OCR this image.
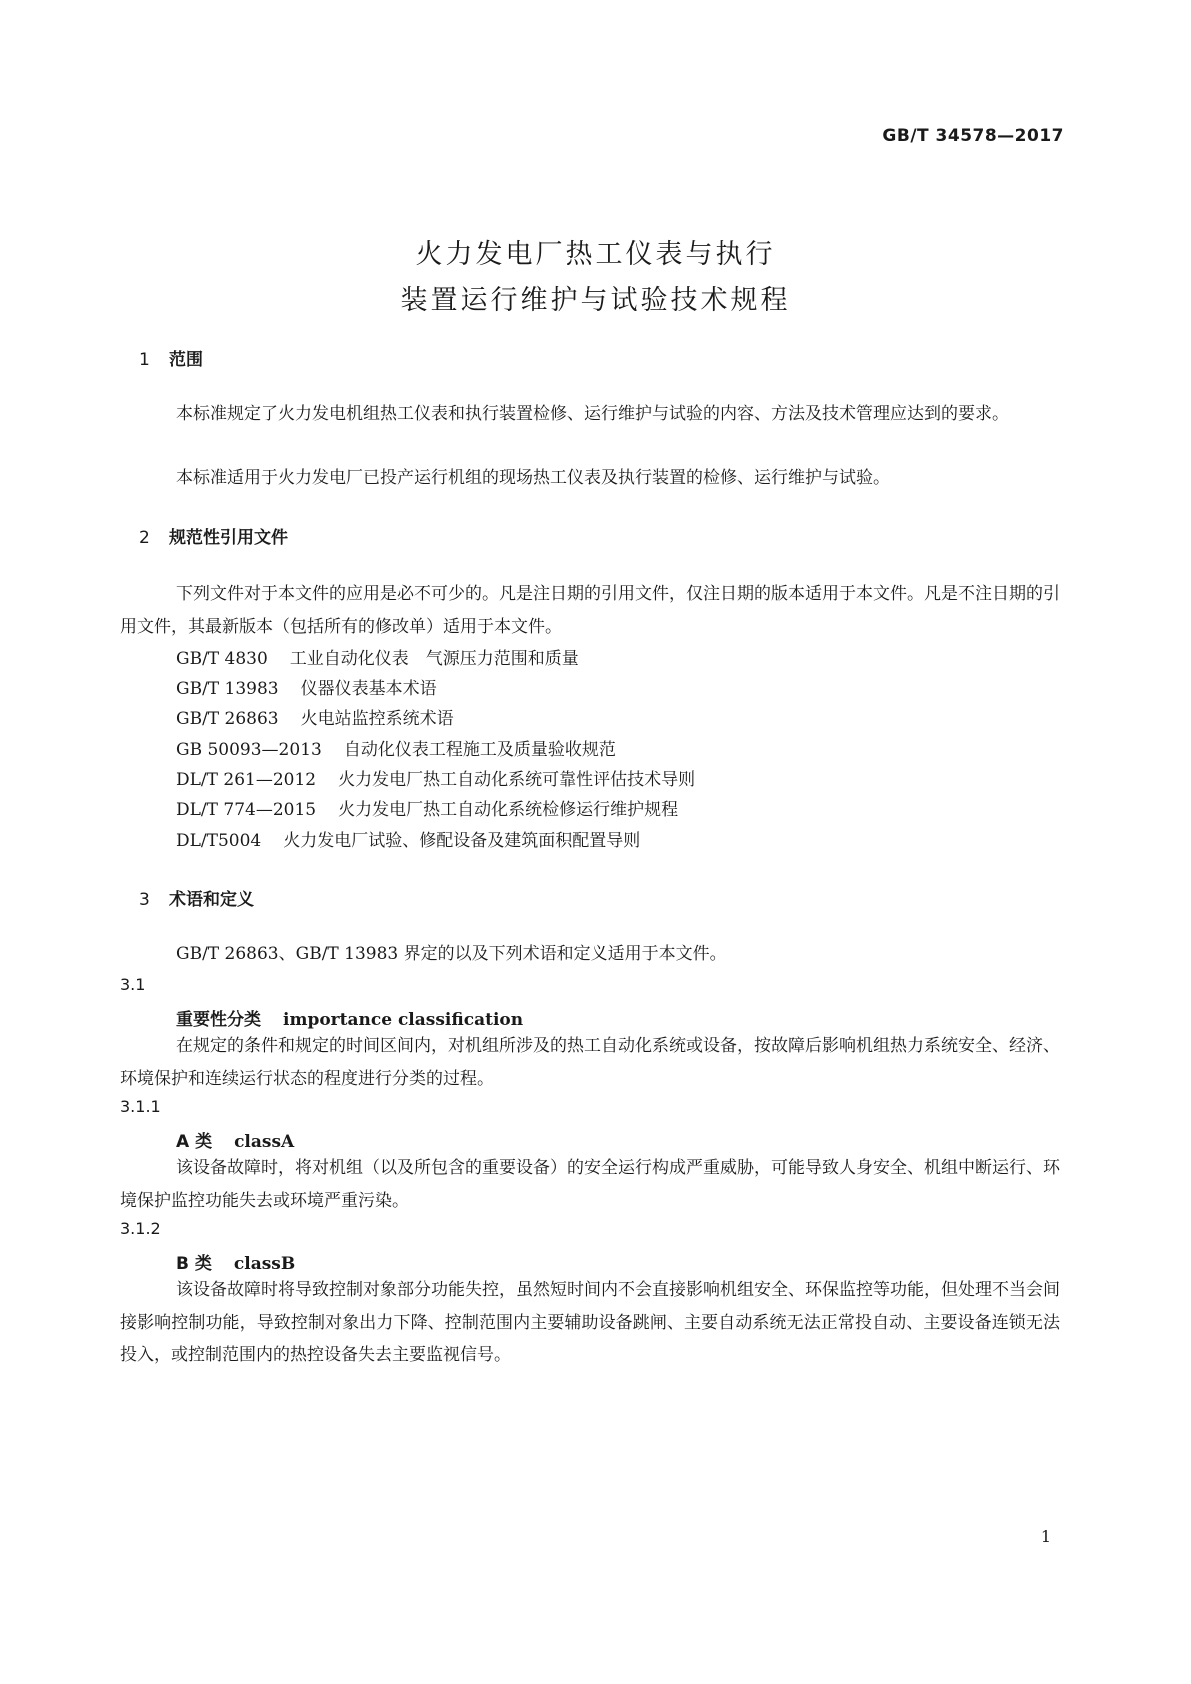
GB/T 34578—2017
火力发电厂热工仪表与执行
装置运行维护与试验技术规程
1 范围
本标准规定了火力发电机组热工仪表和执行装置检修、运行维护与试验的内容、方法及技术管理应达到的要求。
本标准适用于火力发电厂已投产运行机组的现场热工仪表及执行装置的检修、运行维护与试验。
2 规范性引用文件
下列文件对于本文件的应用是必不可少的。凡是注日期的引用文件，仅注日期的版本适用于本文件。凡是不注日期的引用文件，其最新版本（包括所有的修改单）适用于本文件。
GB/T 4830 工业自动化仪表　气源压力范围和质量
GB/T 13983 仪器仪表基本术语
GB/T 26863 火电站监控系统术语
GB 50093—2013 自动化仪表工程施工及质量验收规范
DL/T 261—2012 火力发电厂热工自动化系统可靠性评估技术导则
DL/T 774—2015 火力发电厂热工自动化系统检修运行维护规程
DL/T5004 火力发电厂试验、修配设备及建筑面积配置导则
3 术语和定义
GB/T 26863、GB/T 13983 界定的以及下列术语和定义适用于本文件。
3.1
重要性分类 importance classification
在规定的条件和规定的时间区间内，对机组所涉及的热工自动化系统或设备，按故障后影响机组热力系统安全、经济、环境保护和连续运行状态的程度进行分类的过程。
3.1.1
A 类 classA
该设备故障时，将对机组（以及所包含的重要设备）的安全运行构成严重威胁，可能导致人身安全、机组中断运行、环境保护监控功能失去或环境严重污染。
3.1.2
B 类 classB
该设备故障时将导致控制对象部分功能失控，虽然短时间内不会直接影响机组安全、环保监控等功能，但处理不当会间接影响控制功能，导致控制对象出力下降、控制范围内主要辅助设备跳闸、主要自动系统无法正常投自动、主要设备连锁无法投入，或控制范围内的热控设备失去主要监视信号。
1
